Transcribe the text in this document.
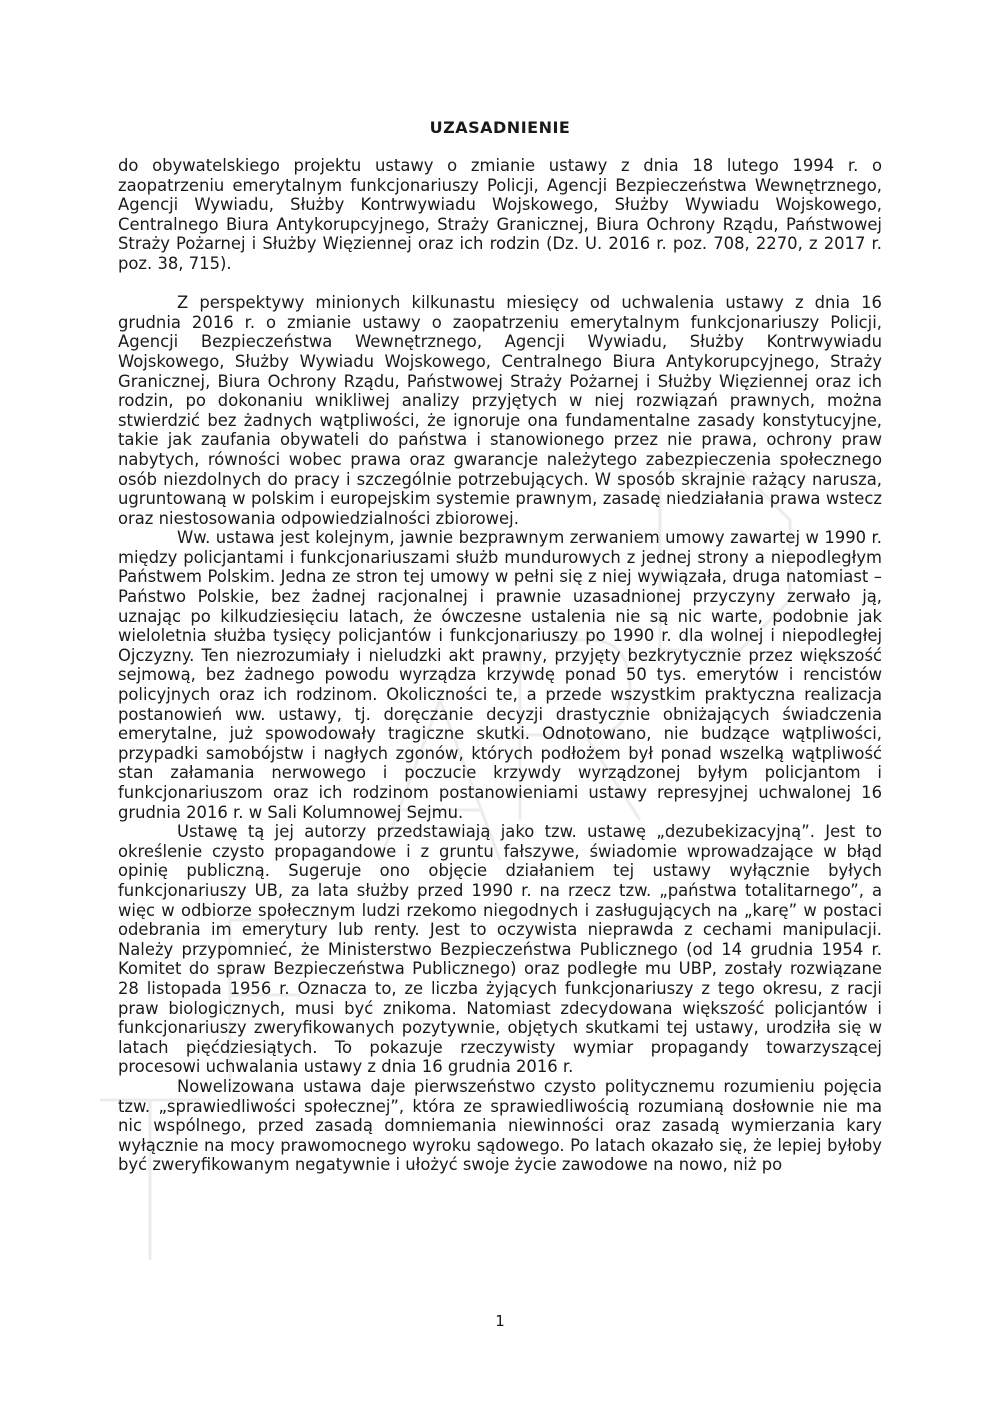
UZASADNIENIE

do obywatelskiego projektu ustawy o zmianie ustawy z dnia 18 lutego 1994 r. o zaopatrzeniu emerytalnym funkcjonariuszy Policji, Agencji Bezpieczeństwa Wewnętrznego, Agencji Wywiadu, Służby Kontrwywiadu Wojskowego, Służby Wywiadu Wojskowego, Centralnego Biura Antykorupcyjnego, Straży Granicznej, Biura Ochrony Rządu, Państwowej Straży Pożarnej i Służby Więziennej oraz ich rodzin (Dz. U. 2016 r. poz. 708, 2270, z 2017 r. poz. 38, 715).

Z perspektywy minionych kilkunastu miesięcy od uchwalenia ustawy z dnia 16 grudnia 2016 r. o zmianie ustawy o zaopatrzeniu emerytalnym funkcjonariuszy Policji, Agencji Bezpieczeństwa Wewnętrznego, Agencji Wywiadu, Służby Kontrwywiadu Wojskowego, Służby Wywiadu Wojskowego, Centralnego Biura Antykorupcyjnego, Straży Granicznej, Biura Ochrony Rządu, Państwowej Straży Pożarnej i Służby Więziennej oraz ich rodzin, po dokonaniu wnikliwej analizy przyjętych w niej rozwiązań prawnych, można stwierdzić bez żadnych wątpliwości, że ignoruje ona fundamentalne zasady konstytucyjne, takie jak zaufania obywateli do państwa i stanowionego przez nie prawa, ochrony praw nabytych, równości wobec prawa oraz gwarancje należytego zabezpieczenia społecznego osób niezdolnych do pracy i szczególnie potrzebujących. W sposób skrajnie rażący narusza, ugruntowaną w polskim i europejskim systemie prawnym, zasadę niedziałania prawa wstecz oraz niestosowania odpowiedzialności zbiorowej.

Ww. ustawa jest kolejnym, jawnie bezprawnym zerwaniem umowy zawartej w 1990 r. między policjantami i funkcjonariuszami służb mundurowych z jednej strony a niepodległym Państwem Polskim. Jedna ze stron tej umowy w pełni się z niej wywiązała, druga natomiast – Państwo Polskie, bez żadnej racjonalnej i prawnie uzasadnionej przyczyny zerwało ją, uznając po kilkudziesięciu latach, że ówczesne ustalenia nie są nic warte, podobnie jak wieloletnia służba tysięcy policjantów i funkcjonariuszy po 1990 r. dla wolnej i niepodległej Ojczyzny. Ten niezrozumiały i nieludzki akt prawny, przyjęty bezkrytycznie przez większość sejmową, bez żadnego powodu wyrządza krzywdę ponad 50 tys. emerytów i rencistów policyjnych oraz ich rodzinom. Okoliczności te, a przede wszystkim praktyczna realizacja postanowień ww. ustawy, tj. doręczanie decyzji drastycznie obniżających świadczenia emerytalne, już spowodowały tragiczne skutki. Odnotowano, nie budzące wątpliwości, przypadki samobójstw i nagłych zgonów, których podłożem był ponad wszelką wątpliwość stan załamania nerwowego i poczucie krzywdy wyrządzonej byłym policjantom i funkcjonariuszom oraz ich rodzinom postanowieniami ustawy represyjnej uchwalonej 16 grudnia 2016 r. w Sali Kolumnowej Sejmu.

Ustawę tą jej autorzy przedstawiają jako tzw. ustawę „dezubekizacyjną”. Jest to określenie czysto propagandowe i z gruntu fałszywe, świadomie wprowadzające w błąd opinię publiczną. Sugeruje ono objęcie działaniem tej ustawy wyłącznie byłych funkcjonariuszy UB, za lata służby przed 1990 r. na rzecz tzw. „państwa totalitarnego”, a więc w odbiorze społecznym ludzi rzekomo niegodnych i zasługujących na „karę” w postaci odebrania im emerytury lub renty. Jest to oczywista nieprawda z cechami manipulacji. Należy przypomnieć, że Ministerstwo Bezpieczeństwa Publicznego (od 14 grudnia 1954 r. Komitet do spraw Bezpieczeństwa Publicznego) oraz podległe mu UBP, zostały rozwiązane 28 listopada 1956 r. Oznacza to, ze liczba żyjących funkcjonariuszy z tego okresu, z racji praw biologicznych, musi być znikoma. Natomiast zdecydowana większość policjantów i funkcjonariuszy zweryfikowanych pozytywnie, objętych skutkami tej ustawy, urodziła się w latach pięćdziesiątych. To pokazuje rzeczywisty wymiar propagandy towarzyszącej procesowi uchwalania ustawy z dnia 16 grudnia 2016 r.

Nowelizowana ustawa daje pierwszeństwo czysto politycznemu rozumieniu pojęcia tzw. „sprawiedliwości społecznej”, która ze sprawiedliwością rozumianą dosłownie nie ma nic wspólnego, przed zasadą domniemania niewinności oraz zasadą wymierzania kary wyłącznie na mocy prawomocnego wyroku sądowego. Po latach okazało się, że lepiej byłoby być zweryfikowanym negatywnie i ułożyć swoje życie zawodowe na nowo, niż po

1
